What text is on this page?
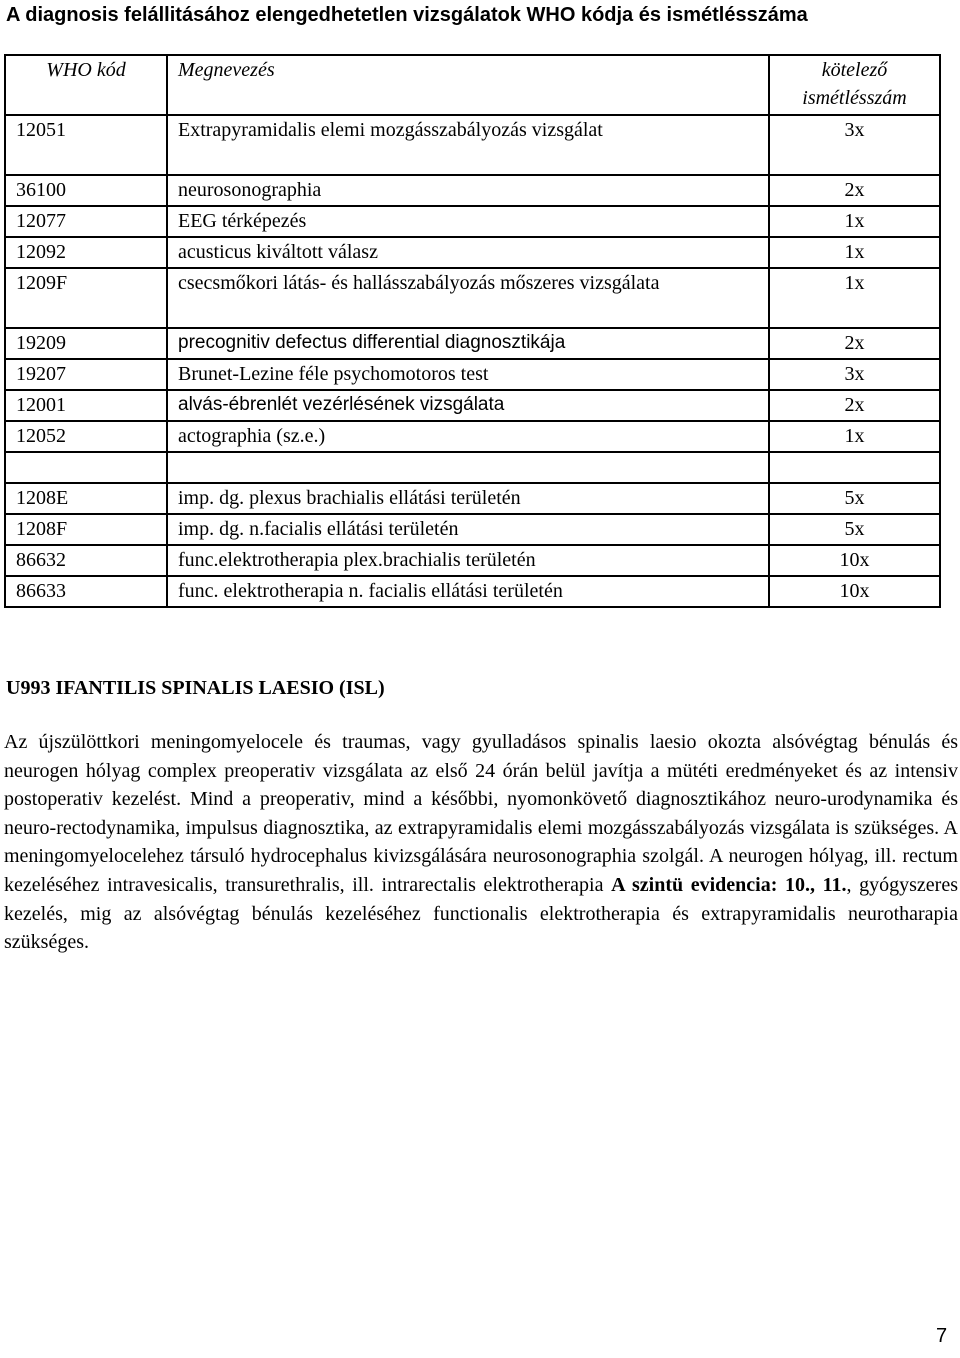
A diagnosis felállitásához elengedhetetlen vizsgálatok WHO kódja és ismétlésszáma
WHO kód	Megnevezés	kötelező ismétlésszám
12051	Extrapyramidalis elemi mozgásszabályozás vizsgálat	3x
36100	neurosonographia	2x
12077	EEG térképezés	1x
12092	acusticus kiváltott válasz	1x
1209F	csecsmőkori látás- és hallásszabályozás mőszeres vizsgálata	1x
19209	precognitiv defectus differential diagnosztikája	2x
19207	Brunet-Lezine féle psychomotoros test	3x
12001	alvás-ébrenlét vezérlésének vizsgálata	2x
12052	actographia (sz.e.)	1x

1208E	imp. dg. plexus brachialis ellátási területén	5x
1208F	imp. dg. n.facialis ellátási területén	5x
86632	func.elektrotherapia plex.brachialis területén	10x
86633	func. elektrotherapia n. facialis ellátási területén	10x
U993 IFANTILIS SPINALIS LAESIO (ISL)
Az újszülöttkori meningomyelocele és traumas, vagy gyulladásos spinalis laesio okozta alsóvégtag bénulás és neurogen hólyag complex preoperativ vizsgálata az első 24 órán belül javítja a mütéti eredményeket és az intensiv postoperativ kezelést. Mind a preoperativ, mind a későbbi, nyomonkövető diagnosztikához neuro-urodynamika és neuro-rectodynamika, impulsus diagnosztika, az extrapyramidalis elemi mozgásszabályozás vizsgálata is szükséges. A meningomyelocelehez társuló hydrocephalus kivizsgálására neurosonographia szolgál. A neurogen hólyag, ill. rectum kezeléséhez intravesicalis, transurethralis, ill. intrarectalis elektrotherapia A szintü evidencia: 10., 11., gyógyszeres kezelés, mig az alsóvégtag bénulás kezeléséhez functionalis elektrotherapia és extrapyramidalis neurotharapia szükséges.
7
